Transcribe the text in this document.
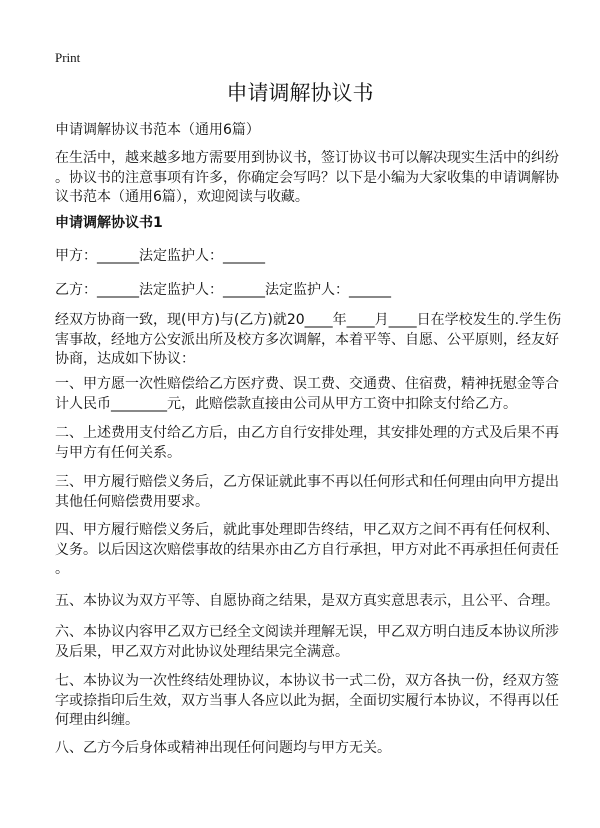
Print
申请调解协议书
申请调解协议书范本（通用6篇）
在生活中，越来越多地方需要用到协议书，签订协议书可以解决现实生活中的纠纷
。协议书的注意事项有许多，你确定会写吗？以下是小编为大家收集的申请调解协
议书范本（通用6篇），欢迎阅读与收藏。
申请调解协议书1
甲方：______法定监护人：______
乙方：______法定监护人：______法定监护人：______
经双方协商一致，现(甲方)与(乙方)就20____年____月____日在学校发生的.学生伤
害事故，经地方公安派出所及校方多次调解，本着平等、自愿、公平原则，经友好
协商，达成如下协议：
一、甲方愿一次性赔偿给乙方医疗费、误工费、交通费、住宿费，精神抚慰金等合
计人民币________元，此赔偿款直接由公司从甲方工资中扣除支付给乙方。
二、上述费用支付给乙方后，由乙方自行安排处理，其安排处理的方式及后果不再
与甲方有任何关系。
三、甲方履行赔偿义务后，乙方保证就此事不再以任何形式和任何理由向甲方提出
其他任何赔偿费用要求。
四、甲方履行赔偿义务后，就此事处理即告终结，甲乙双方之间不再有任何权利、
义务。以后因这次赔偿事故的结果亦由乙方自行承担，甲方对此不再承担任何责任
。
五、本协议为双方平等、自愿协商之结果，是双方真实意思表示，且公平、合理。
六、本协议内容甲乙双方已经全文阅读并理解无误，甲乙双方明白违反本协议所涉
及后果，甲乙双方对此协议处理结果完全满意。
七、本协议为一次性终结处理协议，本协议书一式二份，双方各执一份，经双方签
字或捺指印后生效，双方当事人各应以此为据，全面切实履行本协议，不得再以任
何理由纠缠。
八、乙方今后身体或精神出现任何问题均与甲方无关。
